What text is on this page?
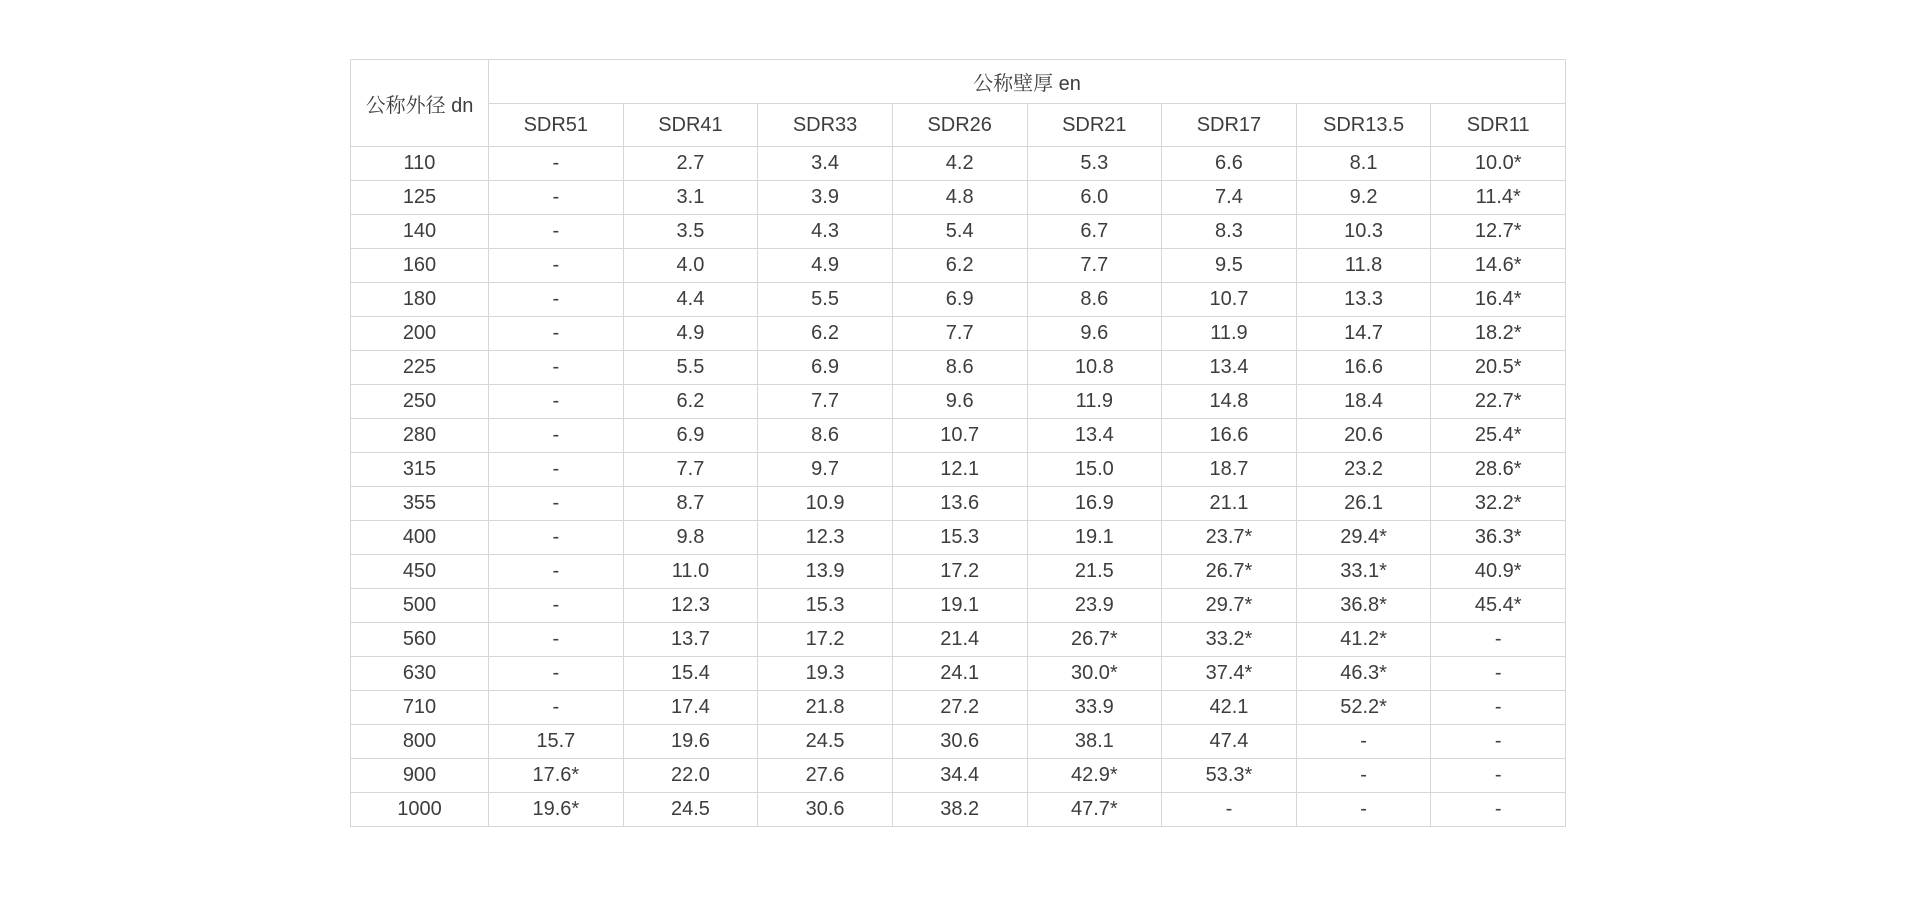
公称外径 dn	公称壁厚 en							
	SDR51	SDR41	SDR33	SDR26	SDR21	SDR17	SDR13.5	SDR11
110	-	2.7	3.4	4.2	5.3	6.6	8.1	10.0*
125	-	3.1	3.9	4.8	6.0	7.4	9.2	11.4*
140	-	3.5	4.3	5.4	6.7	8.3	10.3	12.7*
160	-	4.0	4.9	6.2	7.7	9.5	11.8	14.6*
180	-	4.4	5.5	6.9	8.6	10.7	13.3	16.4*
200	-	4.9	6.2	7.7	9.6	11.9	14.7	18.2*
225	-	5.5	6.9	8.6	10.8	13.4	16.6	20.5*
250	-	6.2	7.7	9.6	11.9	14.8	18.4	22.7*
280	-	6.9	8.6	10.7	13.4	16.6	20.6	25.4*
315	-	7.7	9.7	12.1	15.0	18.7	23.2	28.6*
355	-	8.7	10.9	13.6	16.9	21.1	26.1	32.2*
400	-	9.8	12.3	15.3	19.1	23.7*	29.4*	36.3*
450	-	11.0	13.9	17.2	21.5	26.7*	33.1*	40.9*
500	-	12.3	15.3	19.1	23.9	29.7*	36.8*	45.4*
560	-	13.7	17.2	21.4	26.7*	33.2*	41.2*	-
630	-	15.4	19.3	24.1	30.0*	37.4*	46.3*	-
710	-	17.4	21.8	27.2	33.9	42.1	52.2*	-
800	15.7	19.6	24.5	30.6	38.1	47.4	-	-
900	17.6*	22.0	27.6	34.4	42.9*	53.3*	-	-
1000	19.6*	24.5	30.6	38.2	47.7*	-	-	-
